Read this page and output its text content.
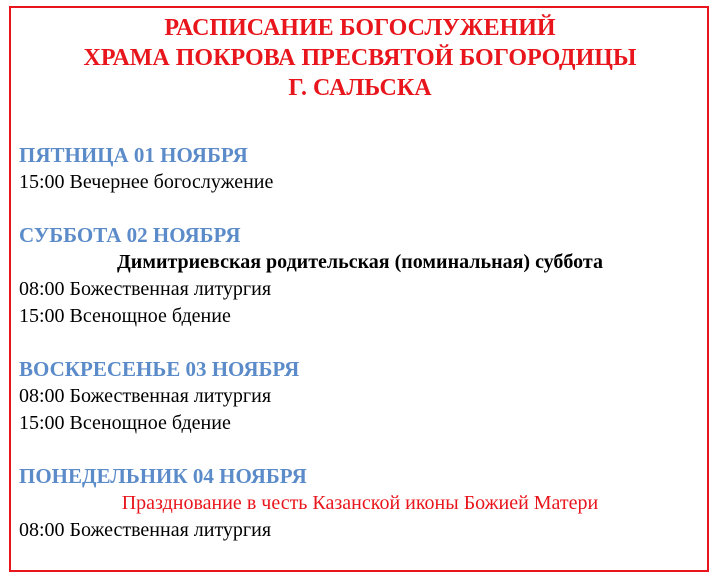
РАСПИСАНИЕ БОГОСЛУЖЕНИЙ
ХРАМА ПОКРОВА ПРЕСВЯТОЙ БОГОРОДИЦЫ
Г. САЛЬСКА
ПЯТНИЦА 01 НОЯБРЯ
15:00 Вечернее богослужение
СУББОТА 02 НОЯБРЯ
Димитриевская родительская (поминальная) суббота
08:00 Божественная литургия
15:00 Всенощное бдение
ВОСКРЕСЕНЬЕ 03 НОЯБРЯ
08:00 Божественная литургия
15:00 Всенощное бдение
ПОНЕДЕЛЬНИК 04 НОЯБРЯ
Празднование в честь Казанской иконы Божией Матери
08:00 Божественная литургия
